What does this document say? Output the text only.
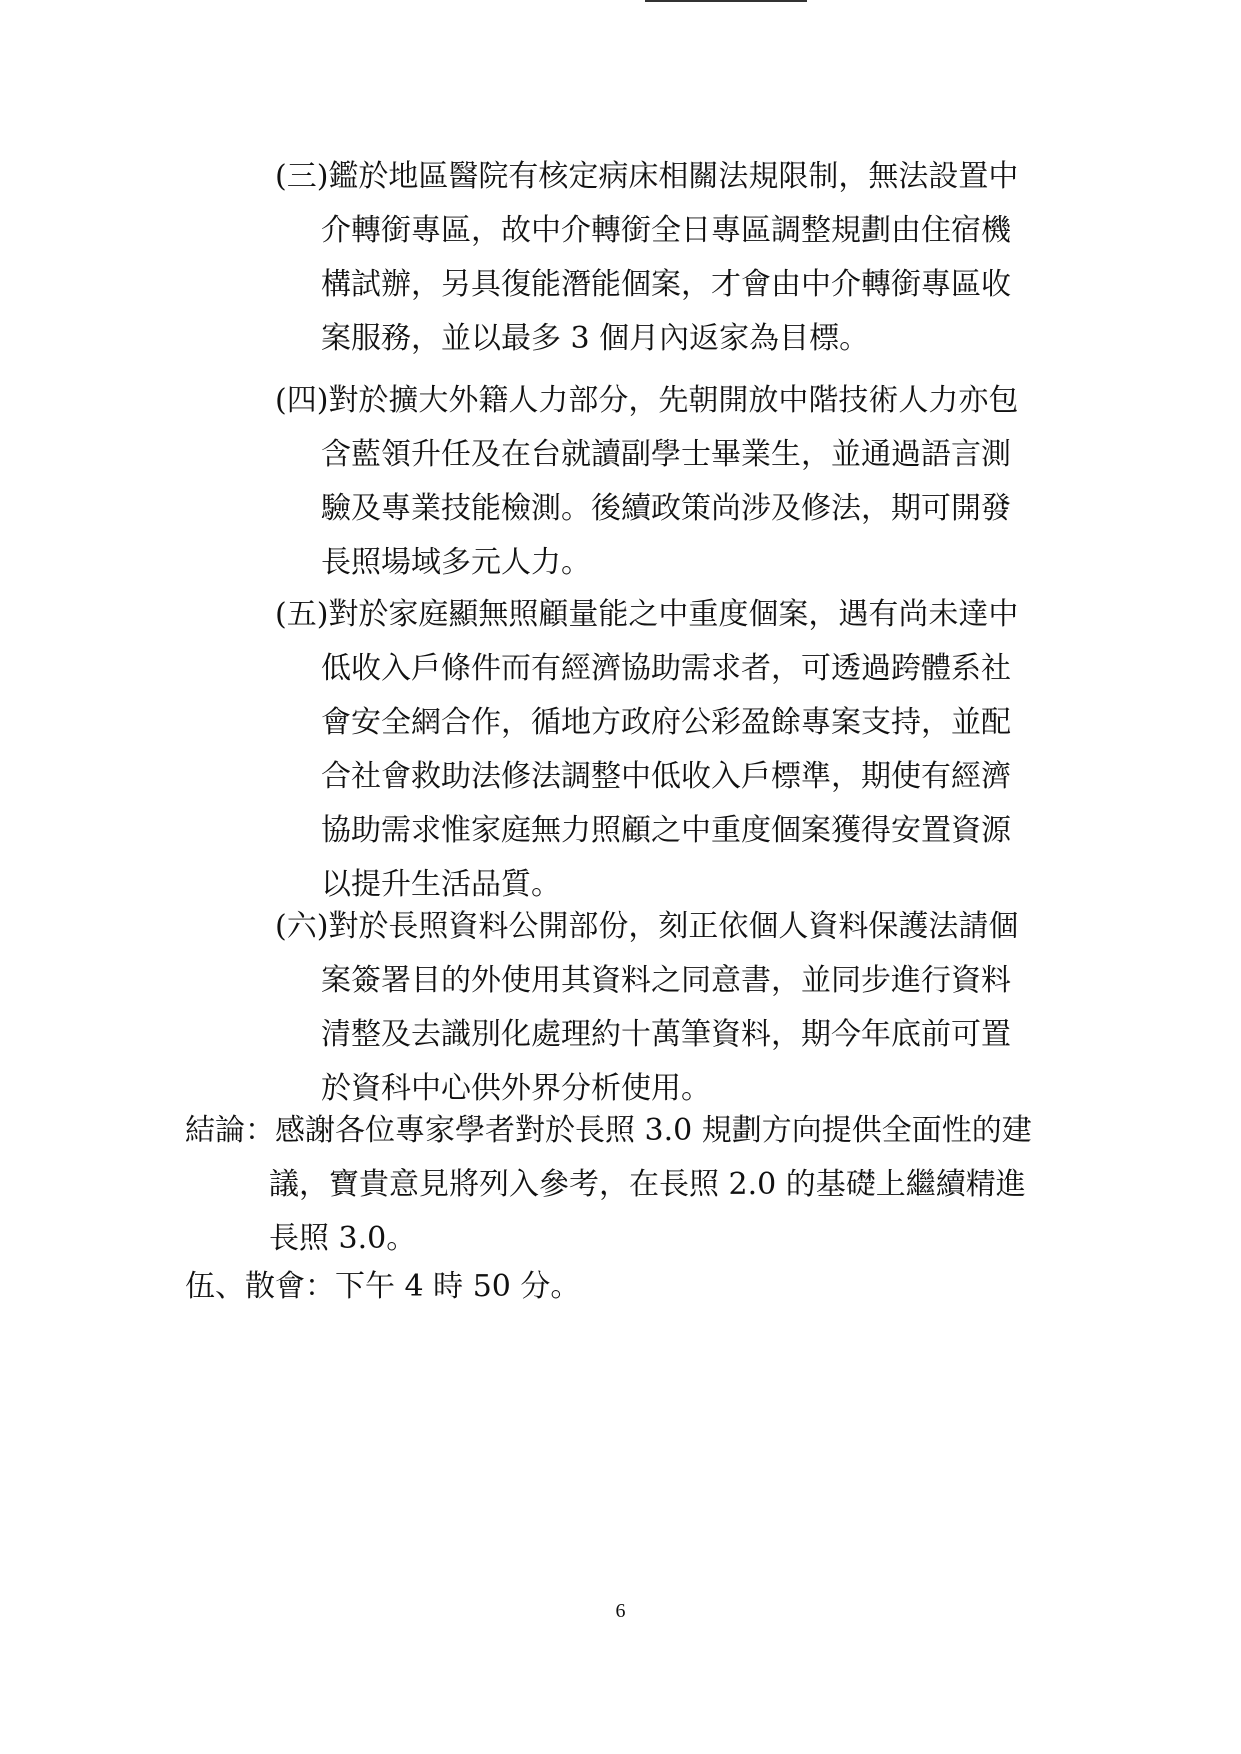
(三)鑑於地區醫院有核定病床相關法規限制，無法設置中
介轉銜專區，故中介轉銜全日專區調整規劃由住宿機
構試辦，另具復能潛能個案，才會由中介轉銜專區收
案服務，並以最多 3 個月內返家為目標。
(四)對於擴大外籍人力部分，先朝開放中階技術人力亦包
含藍領升任及在台就讀副學士畢業生，並通過語言測
驗及專業技能檢測。後續政策尚涉及修法，期可開發
長照場域多元人力。
(五)對於家庭顯無照顧量能之中重度個案，遇有尚未達中
低收入戶條件而有經濟協助需求者，可透過跨體系社
會安全網合作，循地方政府公彩盈餘專案支持，並配
合社會救助法修法調整中低收入戶標準，期使有經濟
協助需求惟家庭無力照顧之中重度個案獲得安置資源
以提升生活品質。
(六)對於長照資料公開部份，刻正依個人資料保護法請個
案簽署目的外使用其資料之同意書，並同步進行資料
清整及去識別化處理約十萬筆資料，期今年底前可置
於資科中心供外界分析使用。
結論：感謝各位專家學者對於長照 3.0 規劃方向提供全面性的建
議，寶貴意見將列入參考，在長照 2.0 的基礎上繼續精進
長照 3.0。
伍、散會：下午 4 時 50 分。
6
